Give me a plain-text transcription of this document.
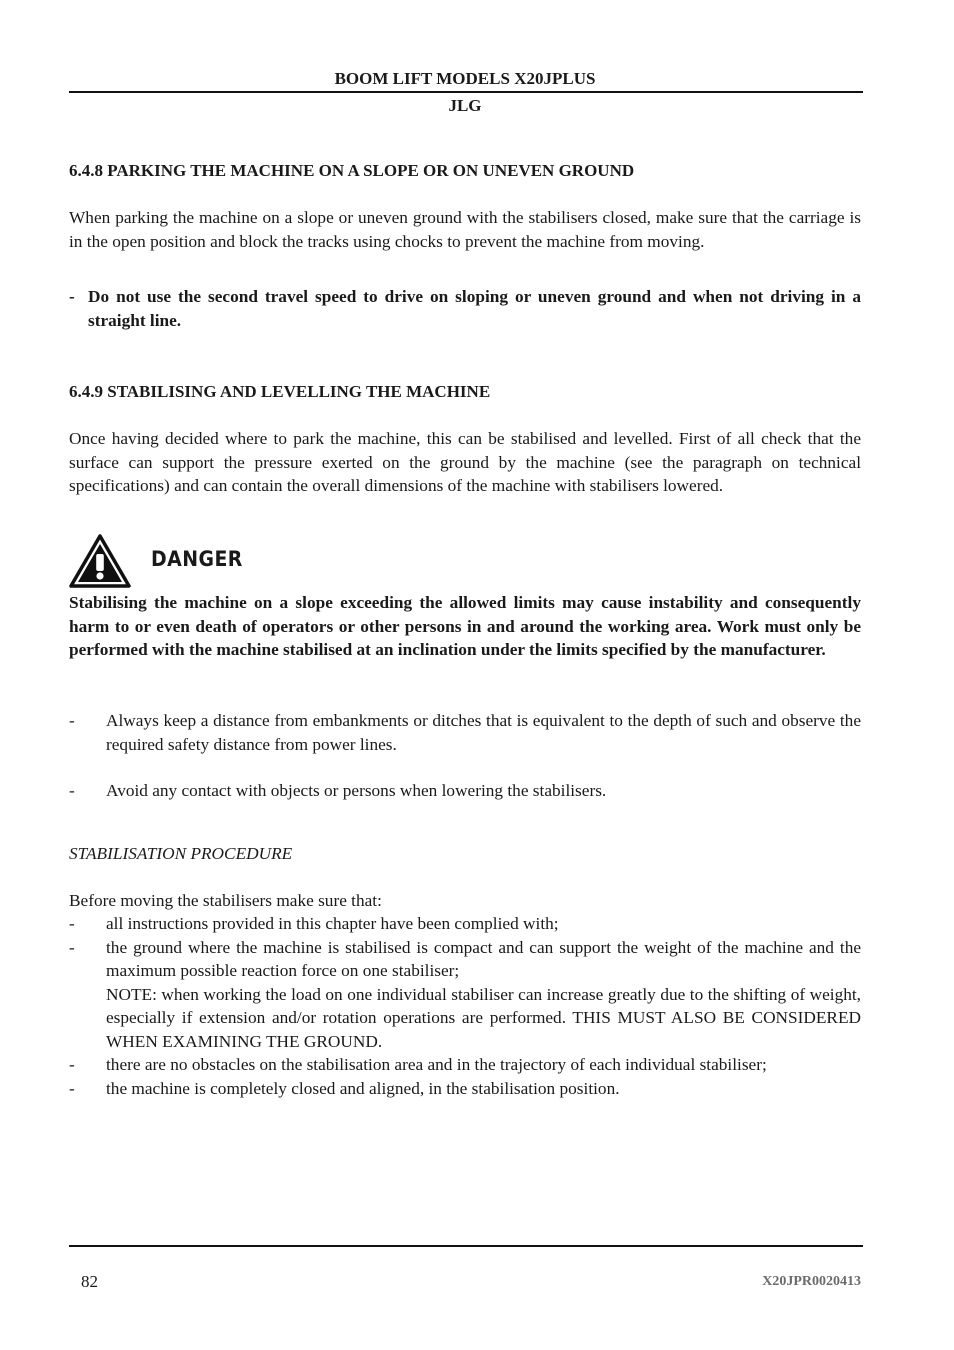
BOOM LIFT MODELS X20JPLUS
JLG
6.4.8 PARKING THE MACHINE ON A SLOPE OR ON UNEVEN GROUND
When parking the machine on a slope or uneven ground with the stabilisers closed, make sure that the carriage is in the open position and block the tracks using chocks to prevent the machine from moving.
- Do not use the second travel speed to drive on sloping or uneven ground and when not driving in a straight line.
6.4.9 STABILISING AND LEVELLING THE MACHINE
Once having decided where to park the machine, this can be stabilised and levelled. First of all check that the surface can support the pressure exerted on the ground by the machine (see the paragraph on technical specifications) and can contain the overall dimensions of the machine with stabilisers lowered.
DANGER
Stabilising the machine on a slope exceeding the allowed limits may cause instability and consequently harm to or even death of operators or other persons in and around the working area. Work must only be performed with the machine stabilised at an inclination under the limits specified by the manufacturer.
-	Always keep a distance from embankments or ditches that is equivalent to the depth of such and observe the required safety distance from power lines.
-	Avoid any contact with objects or persons when lowering the stabilisers.
STABILISATION PROCEDURE
Before moving the stabilisers make sure that:
-	all instructions provided in this chapter have been complied with;
-	the ground where the machine is stabilised is compact and can support the weight of the machine and the maximum possible reaction force on one stabiliser;
NOTE: when working the load on one individual stabiliser can increase greatly due to the shifting of weight, especially if extension and/or rotation operations are performed. THIS MUST ALSO BE CONSIDERED WHEN EXAMINING THE GROUND.
-	there are no obstacles on the stabilisation area and in the trajectory of each individual stabiliser;
-	the machine is completely closed and aligned, in the stabilisation position.
82	X20JPR0020413
